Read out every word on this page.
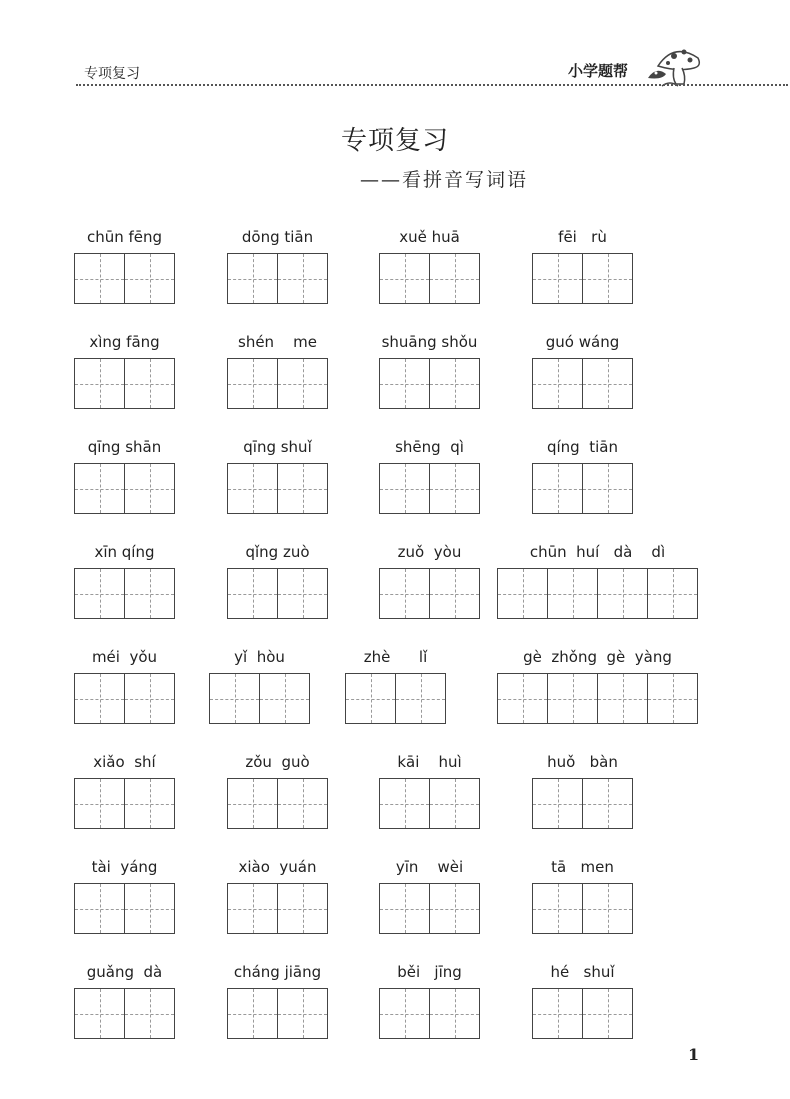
专项复习	小学题帮
专项复习
——看拼音写词语
chūn fēng	dōng tiān	xuě huā	fēi   rù
xìng fāng	shén    me	shuāng shǒu	guó wáng
qīng shān	qīng shuǐ	shēng  qì	qíng  tiān
xīn qíng	qǐng zuò	zuǒ  yòu	chūn  huí   dà    dì
méi  yǒu	yǐ  hòu	zhè      lǐ	gè  zhǒng  gè  yàng
xiǎo  shí	zǒu  guò	kāi    huì	huǒ   bàn
tài  yáng	xiào  yuán	yīn    wèi	tā   men
guǎng  dà	cháng jiāng	běi   jīng	hé   shuǐ
1
